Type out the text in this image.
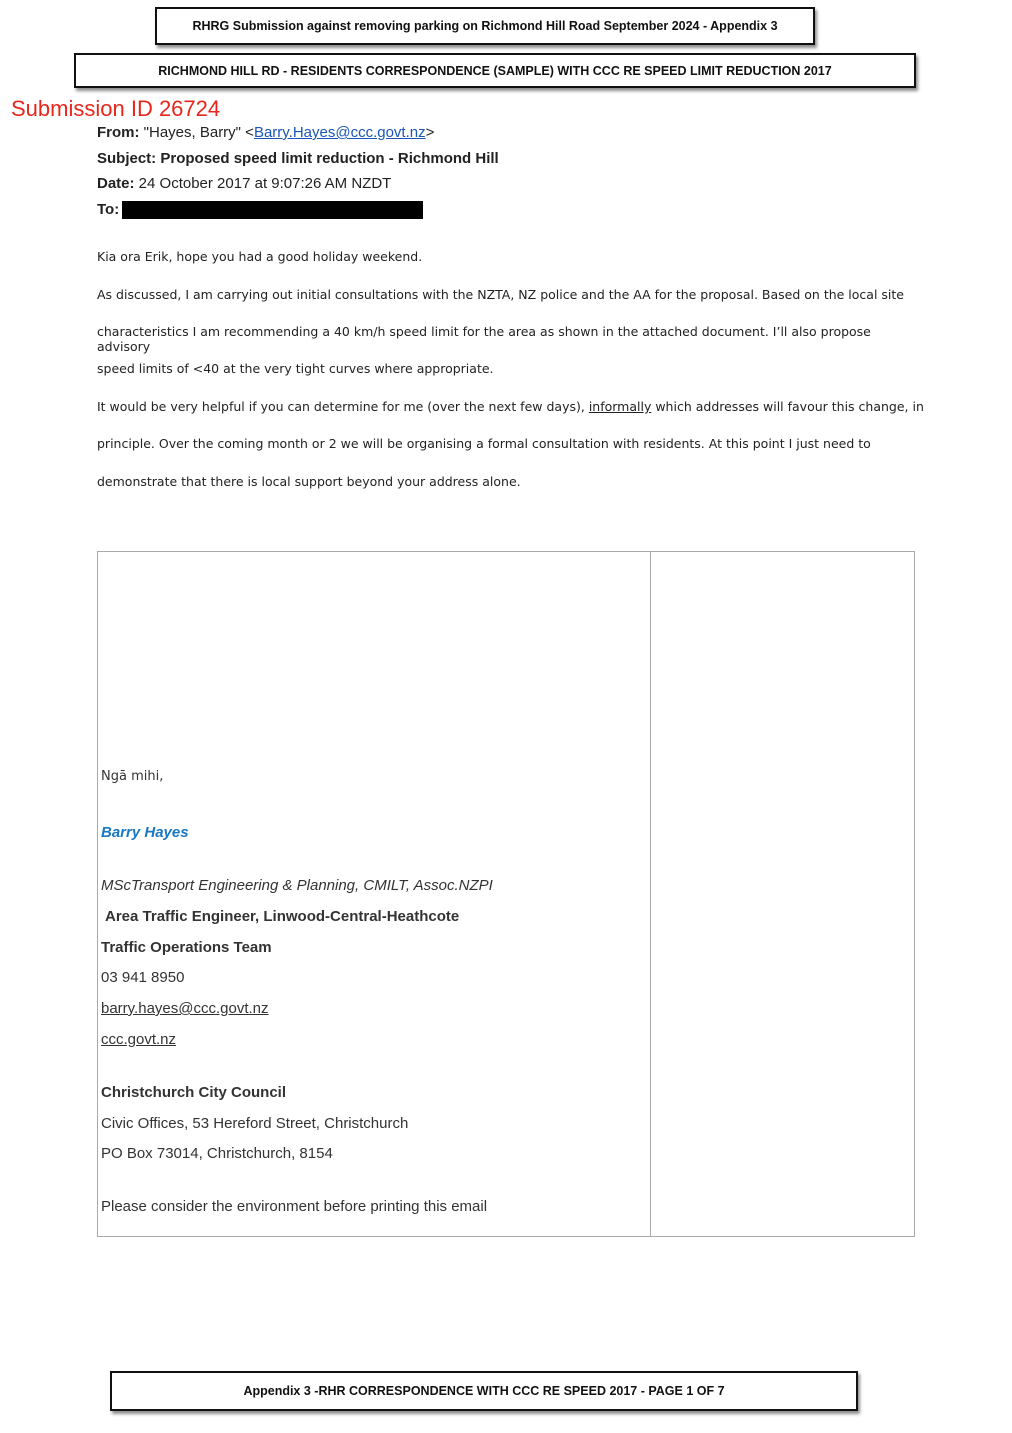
RHRG Submission against removing parking on Richmond Hill Road September 2024 - Appendix 3
RICHMOND HILL RD - RESIDENTS CORRESPONDENCE (SAMPLE) WITH CCC RE SPEED LIMIT REDUCTION 2017
Submission ID 26724
From: "Hayes, Barry" <Barry.Hayes@ccc.govt.nz>
Subject: Proposed speed limit reduction - Richmond Hill
Date: 24 October 2017 at 9:07:26 AM NZDT
To:
Kia ora Erik, hope you had a good holiday weekend.
As discussed, I am carrying out initial consultations with the NZTA, NZ police and the AA for the proposal. Based on the local site
characteristics I am recommending a 40 km/h speed limit for the area as shown in the attached document. I’ll also propose advisory
speed limits of <40 at the very tight curves where appropriate.
It would be very helpful if you can determine for me (over the next few days), informally which addresses will favour this change, in
principle. Over the coming month or 2 we will be organising a formal consultation with residents. At this point I just need to
demonstrate that there is local support beyond your address alone.
Ngā mihi,
Barry Hayes
MScTransport Engineering & Planning, CMILT, Assoc.NZPI
Area Traffic Engineer, Linwood-Central-Heathcote
Traffic Operations Team
03 941 8950
barry.hayes@ccc.govt.nz
ccc.govt.nz
Christchurch City Council
Civic Offices, 53 Hereford Street, Christchurch
PO Box 73014, Christchurch, 8154
Please consider the environment before printing this email
Appendix 3 -RHR CORRESPONDENCE WITH CCC RE SPEED 2017 - PAGE 1 OF 7
